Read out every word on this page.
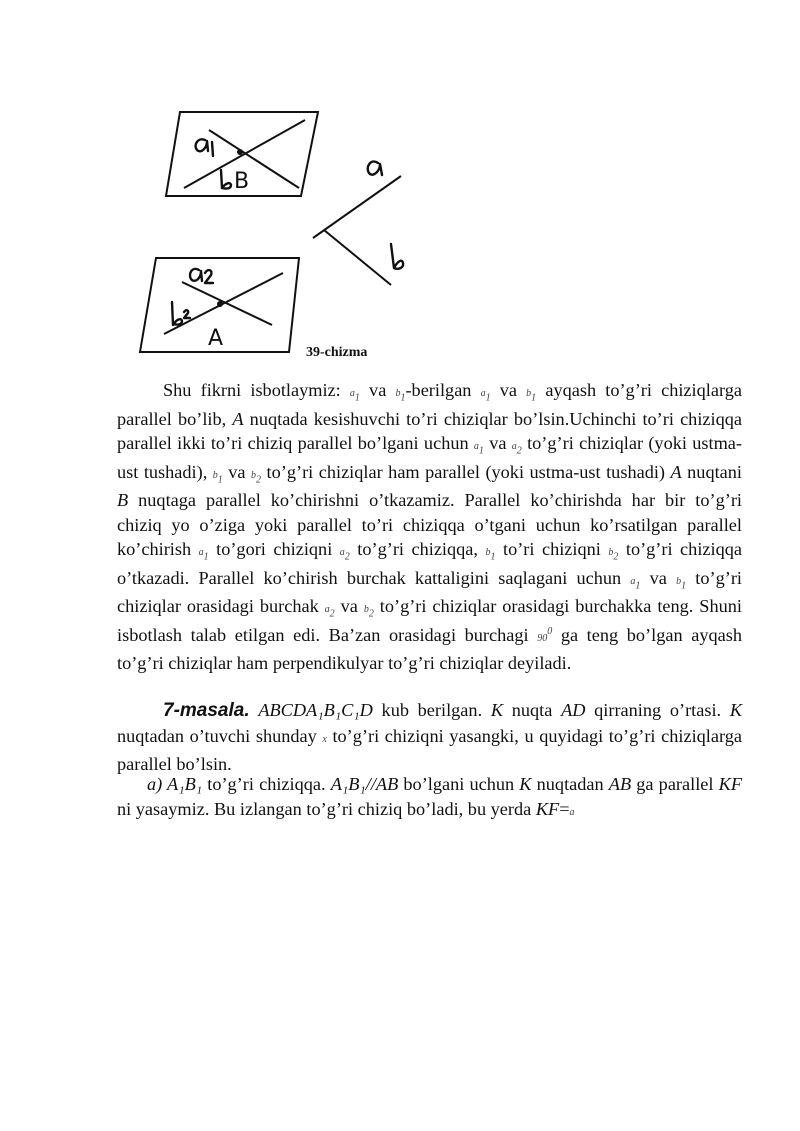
B
A
39-chizma

Shu fikrni isbotlaymiz: $a_1$ va $b_1$-berilgan $a_1$ va $b_1$ ayqash to’g’ri chiziqlarga parallel bo’lib, A nuqtada kesishuvchi to’ri chiziqlar bo’lsin.Uchinchi to’ri chiziqqa parallel ikki to’ri chiziq parallel bo’lgani uchun $a_1$ va $a_2$ to’g’ri chiziqlar (yoki ustma-ust tushadi), $b_1$ va $b_2$ to’g’ri chiziqlar ham parallel (yoki ustma-ust tushadi) A nuqtani B nuqtaga parallel ko’chirishni o’tkazamiz. Parallel ko’chirishda har bir to’g’ri chiziq yo o’ziga yoki parallel to’ri chiziqqa o’tgani uchun ko’rsatilgan parallel ko’chirish $a_1$ to’gori chiziqni $a_2$ to’g’ri chiziqqa, $b_1$ to’ri chiziqni $b_2$ to’g’ri chiziqqa o’tkazadi. Parallel ko’chirish burchak kattaligini saqlagani uchun $a_1$ va $b_1$ to’g’ri chiziqlar orasidagi burchak $a_2$ va $b_2$ to’g’ri chiziqlar orasidagi burchakka teng. Shuni isbotlash talab etilgan edi. Ba’zan orasidagi burchagi $90^0$ ga teng bo’lgan ayqash to’g’ri chiziqlar ham perpendikulyar to’g’ri chiziqlar deyiladi.

7-masala. ABCDA₁B₁C₁D kub berilgan. K nuqta AD qirraning o’rtasi. K nuqtadan o’tuvchi shunday x to’g’ri chiziqni yasangki, u quyidagi to’g’ri chiziqlarga parallel bo’lsin.

a) A₁B₁ to’g’ri chiziqqa. A₁B₁//AB bo’lgani uchun K nuqtadan AB ga parallel KF ni yasaymiz. Bu izlangan to’g’ri chiziq bo’ladi, bu yerda KF=a
